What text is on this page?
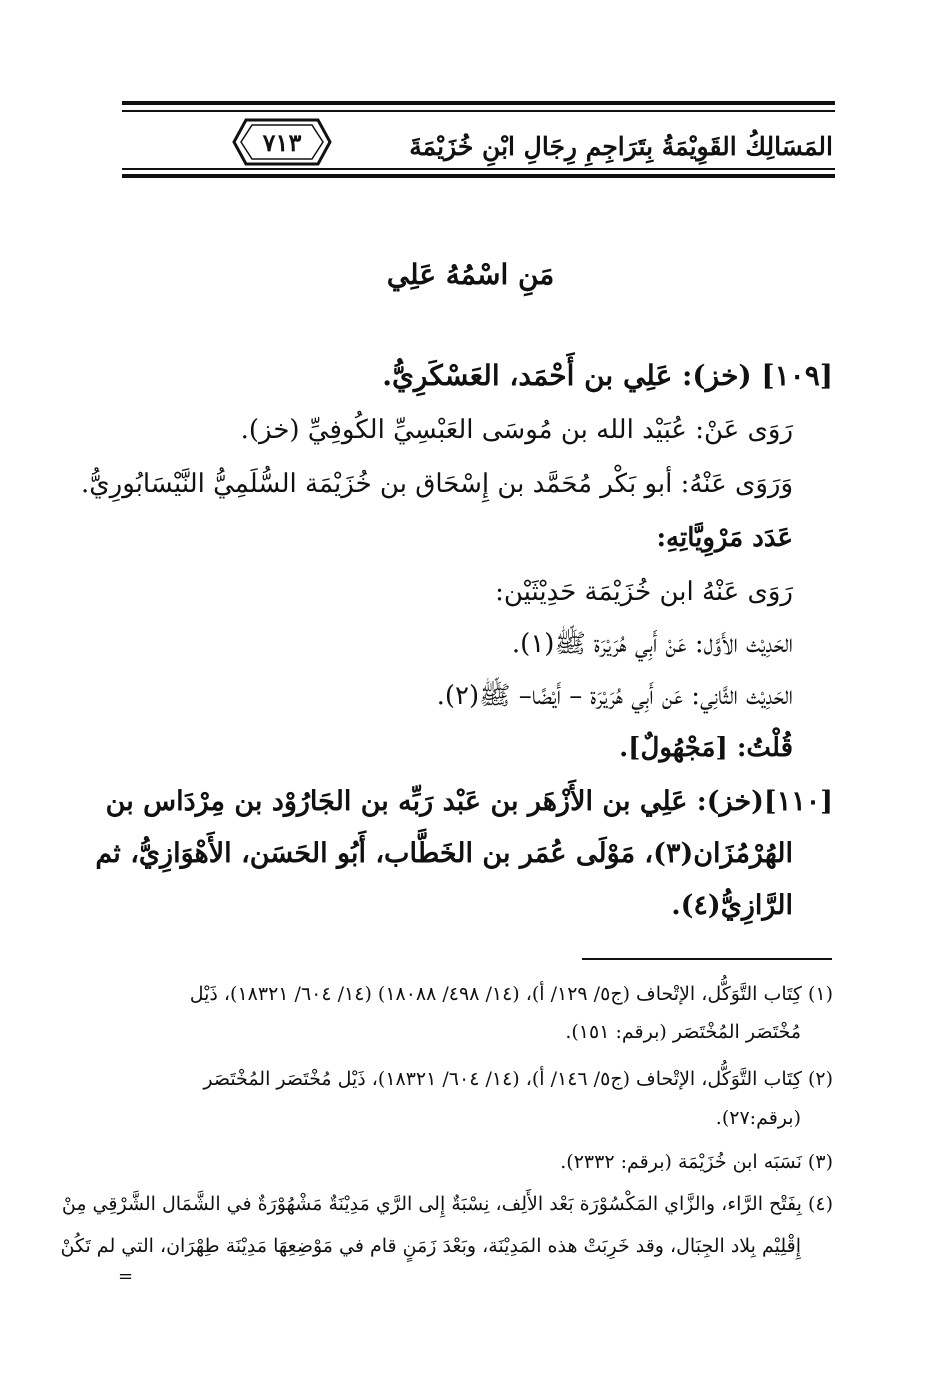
المَسَالِكُ القَوِيْمَةُ بِتَرَاجِمِ رِجَالِ ابْنِ خُزَيْمَةَ
٧١٣
مَنِ اسْمُهُ عَلِي
[١٠٩] (خز): عَلِي بن أَحْمَد، العَسْكَرِيُّ.
رَوَى عَنْ: عُبَيْد الله بن مُوسَى العَبْسِيِّ الكُوفِيِّ (خز).
وَرَوَى عَنْهُ: أبو بَكْر مُحَمَّد بن إِسْحَاق بن خُزَيْمَة السُّلَمِيُّ النَّيْسَابُورِيُّ.
عَدَد مَرْوِيَّاتِهِ:
رَوَى عَنْهُ ابن خُزَيْمَة حَدِيْثَيْن:
الحَدِيْث الأَوَّل: عَنْ أَبِي هُرَيْرَة ﷺ(١).
الحَدِيْث الثَّانِي: عَن أَبِي هُرَيْرَة – أَيْضًا– ﷺ(٢).
قُلْتُ: [مَجْهُولٌ].
[١١٠](خز): عَلِي بن الأَزْهَر بن عَبْد رَبِّه بن الجَارُوْد بن مِرْدَاس بن
الهُرْمُزَان(٣)، مَوْلَى عُمَر بن الخَطَّاب، أَبُو الحَسَن، الأَهْوَازِيُّ، ثم
الرَّازِيُّ(٤).
(١) كِتَاب التَّوَكُّل، الإتْحاف (ج٥/ ١٢٩/ أ)، (١٤/ ٤٩٨/ ١٨٠٨٨) (١٤/ ٦٠٤/ ١٨٣٢١)، ذَيْل
مُخْتَصَر المُخْتَصَر (برقم: ١٥١).
(٢) كِتَاب التَّوَكُّل، الإتْحاف (ج٥/ ١٤٦/ أ)، (١٤/ ٦٠٤/ ١٨٣٢١)، ذَيْل مُخْتَصَر المُخْتَصَر
(برقم:٢٧).
(٣) نَسَبَه ابن خُزَيْمَة (برقم: ٢٣٣٢).
(٤) بِفَتْح الرَّاء، والزَّاي المَكْسُوْرَة بَعْد الأَلِف، نِسْبَةٌ إِلى الرَّي مَدِيْنَةٌ مَشْهُوْرَةٌ في الشَّمَال الشَّرْقِي مِنْ
إِقْلِيْم بِلاد الجِبَال، وقد خَرِبَتْ هذه المَدِيْنَة، وبَعْدَ زَمَنٍ قام في مَوْضِعِهَا مَدِيْنَة طِهْرَان، التي لم تَكُنْ
=
